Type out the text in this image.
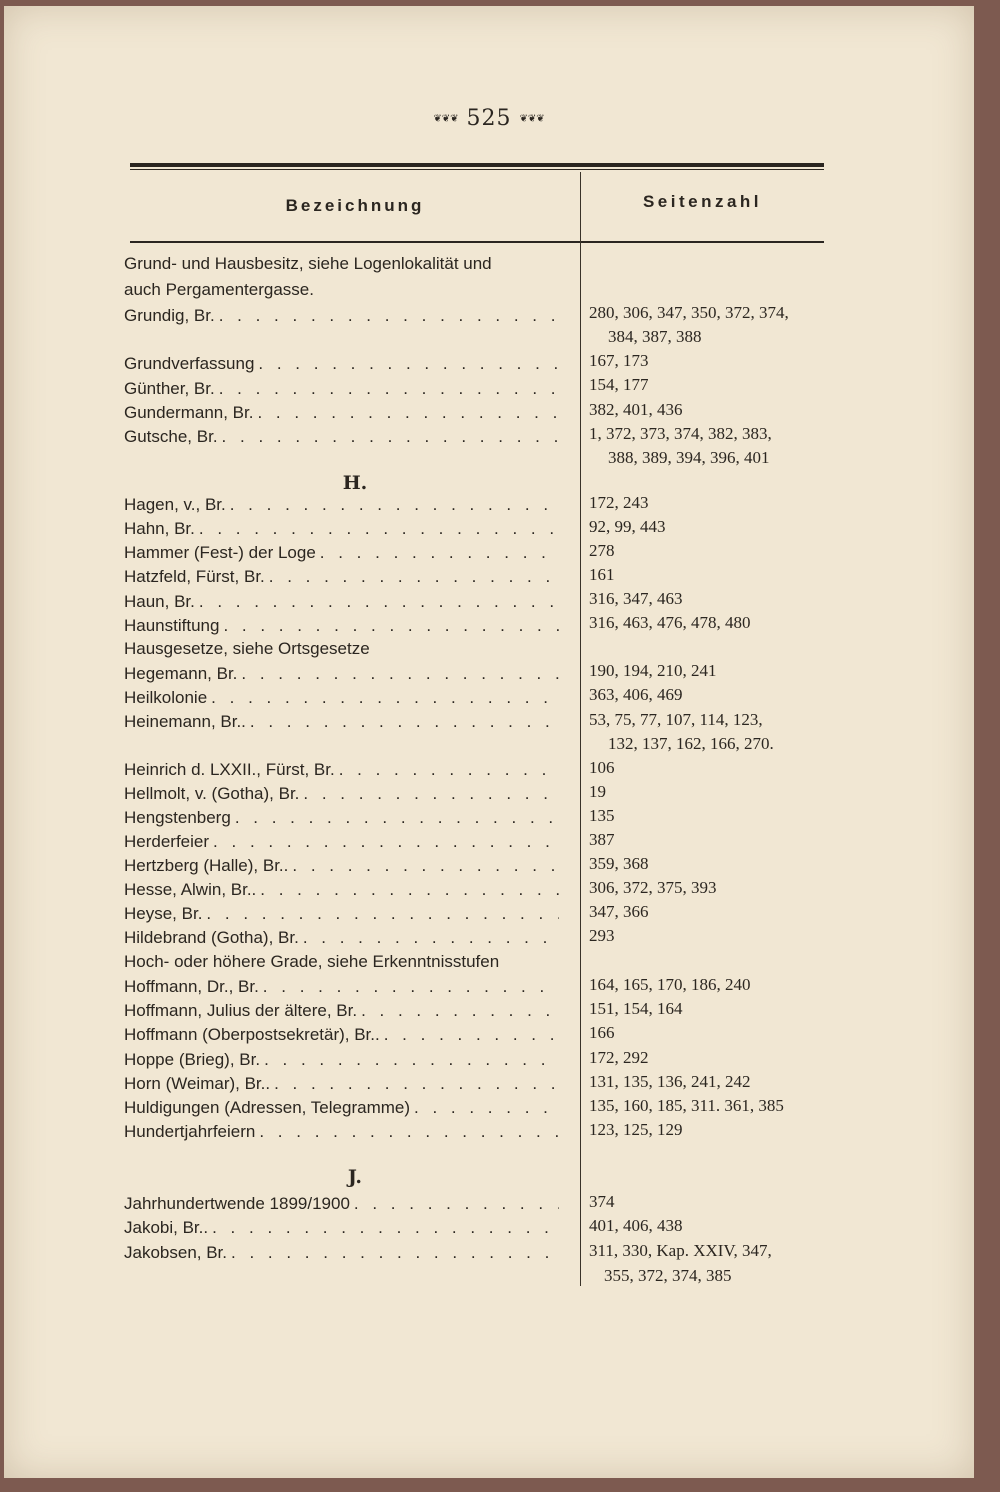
❦❦❦ 525 ❦❦❦
Bezeichnung	Seitenzahl
Grund- und Hausbesitz, siehe Logenlokalität und
auch Pergamentergasse.
Grundig, Br. . . .	280, 306, 347, 350, 372, 374,
384, 387, 388
Grundverfassung . . .	167, 173
Günther, Br. . . .	154, 177
Gundermann, Br. . . .	382, 401, 436
Gutsche, Br. . . .	1, 372, 373, 374, 382, 383,
388, 389, 394, 396, 401
H.
Hagen, v., Br. . . .	172, 243
Hahn, Br. . . .	92, 99, 443
Hammer (Fest-) der Loge . . .	278
Hatzfeld, Fürst, Br. . . .	161
Haun, Br. . . .	316, 347, 463
Haunstiftung . . .	316, 463, 476, 478, 480
Hausgesetze, siehe Ortsgesetze
Hegemann, Br. . . .	190, 194, 210, 241
Heilkolonie . . .	363, 406, 469
Heinemann, Br.. . . .	53, 75, 77, 107, 114, 123,
132, 137, 162, 166, 270.
Heinrich d. LXXII., Fürst, Br. . . .	106
Hellmolt, v. (Gotha), Br. . . .	19
Hengstenberg . . .	135
Herderfeier . . .	387
Hertzberg (Halle), Br.. . . .	359, 368
Hesse, Alwin, Br.. . . .	306, 372, 375, 393
Heyse, Br. . . .	347, 366
Hildebrand (Gotha), Br. . . .	293
Hoch- oder höhere Grade, siehe Erkenntnisstufen
Hoffmann, Dr., Br. . . .	164, 165, 170, 186, 240
Hoffmann, Julius der ältere, Br. . . .	151, 154, 164
Hoffmann (Oberpostsekretär), Br.. . . .	166
Hoppe (Brieg), Br. . . .	172, 292
Horn (Weimar), Br.. . . .	131, 135, 136, 241, 242
Huldigungen (Adressen, Telegramme) . . .	135, 160, 185, 311. 361, 385
Hundertjahrfeiern . . .	123, 125, 129
J.
Jahrhundertwende 1899/1900 . . .	374
Jakobi, Br.. . . .	401, 406, 438
Jakobsen, Br. . . .	311, 330, Kap. XXIV, 347,
355, 372, 374, 385
